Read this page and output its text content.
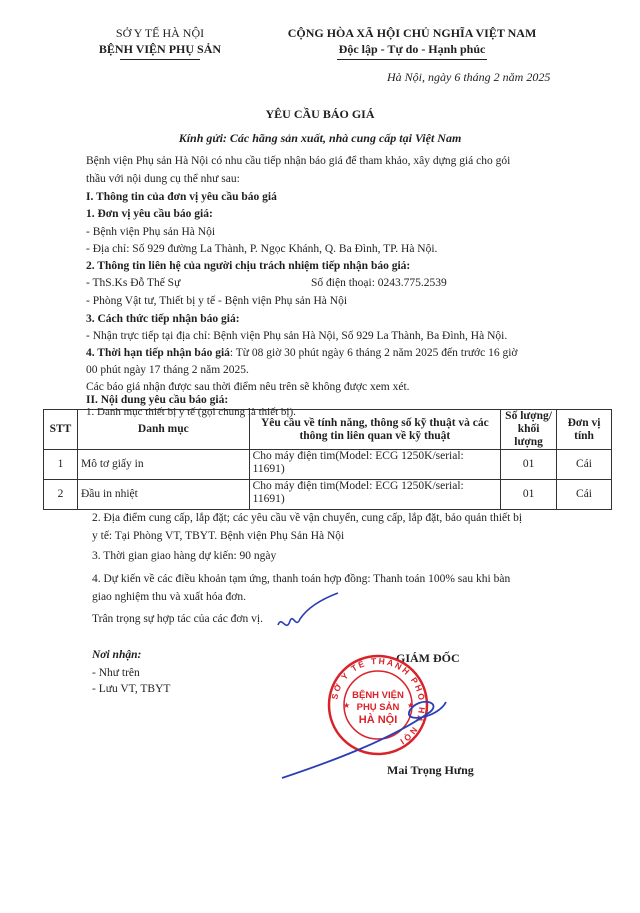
SỞ Y TẾ HÀ NỘI
BỆNH VIỆN PHỤ SẢN
CỘNG HÒA XÃ HỘI CHỦ NGHĨA VIỆT NAM
Độc lập - Tự do - Hạnh phúc
Hà Nội, ngày 6 tháng 2 năm 2025
YÊU CẦU BÁO GIÁ
Kính gửi: Các hãng sản xuất, nhà cung cấp tại Việt Nam
Bệnh viện Phụ sản Hà Nội có nhu cầu tiếp nhận báo giá để tham khảo, xây dựng giá cho gói
thầu với nội dung cụ thể như sau:
I. Thông tin của đơn vị yêu cầu báo giá
1. Đơn vị yêu cầu báo giá:
- Bệnh viện Phụ sản Hà Nội
- Địa chỉ: Số 929 đường La Thành, P. Ngọc Khánh, Q. Ba Đình, TP. Hà Nội.
2. Thông tin liên hệ của người chịu trách nhiệm tiếp nhận báo giá:
- ThS.Ks Đỗ Thế Sự	Số điện thoại: 0243.775.2539
- Phòng Vật tư, Thiết bị y tế - Bệnh viện Phụ sản Hà Nội
3. Cách thức tiếp nhận báo giá:
- Nhận trực tiếp tại địa chỉ: Bệnh viện Phụ sản Hà Nội, Số 929 La Thành, Ba Đình, Hà Nội.
4. Thời hạn tiếp nhận báo giá: Từ 08 giờ 30 phút ngày 6 tháng 2 năm 2025 đến trước 16 giờ
00 phút ngày 17 tháng 2 năm 2025.
Các báo giá nhận được sau thời điểm nêu trên sẽ không được xem xét.
II. Nội dung yêu cầu báo giá:
1. Danh mục thiết bị y tế (gọi chung là thiết bị).
STT	Danh mục	Yêu cầu về tính năng, thông số kỹ thuật và các thông tin liên quan về kỹ thuật	Số lượng/ khối lượng	Đơn vị tính
1	Mô tơ giấy in	Cho máy điện tim(Model: ECG 1250K/serial: 11691)	01	Cái
2	Đầu in nhiệt	Cho máy điện tim(Model: ECG 1250K/serial: 11691)	01	Cái
2. Địa điểm cung cấp, lắp đặt; các yêu cầu về vận chuyển, cung cấp, lắp đặt, bảo quản thiết bị
y tế: Tại Phòng VT, TBYT. Bệnh viện Phụ Sản Hà Nội
3. Thời gian giao hàng dự kiến: 90 ngày
4. Dự kiến về các điều khoản tạm ứng, thanh toán hợp đồng: Thanh toán 100% sau khi bàn
giao nghiệm thu và xuất hóa đơn.
Trân trọng sự hợp tác của các đơn vị.
Nơi nhận:
- Như trên
- Lưu VT, TBYT
GIÁM ĐỐC
SỞ Y TẾ THÀNH PHỐ HÀ NỘI
BỆNH VIỆN
PHỤ SẢN
HÀ NỘI
★	★
Mai Trọng Hưng
